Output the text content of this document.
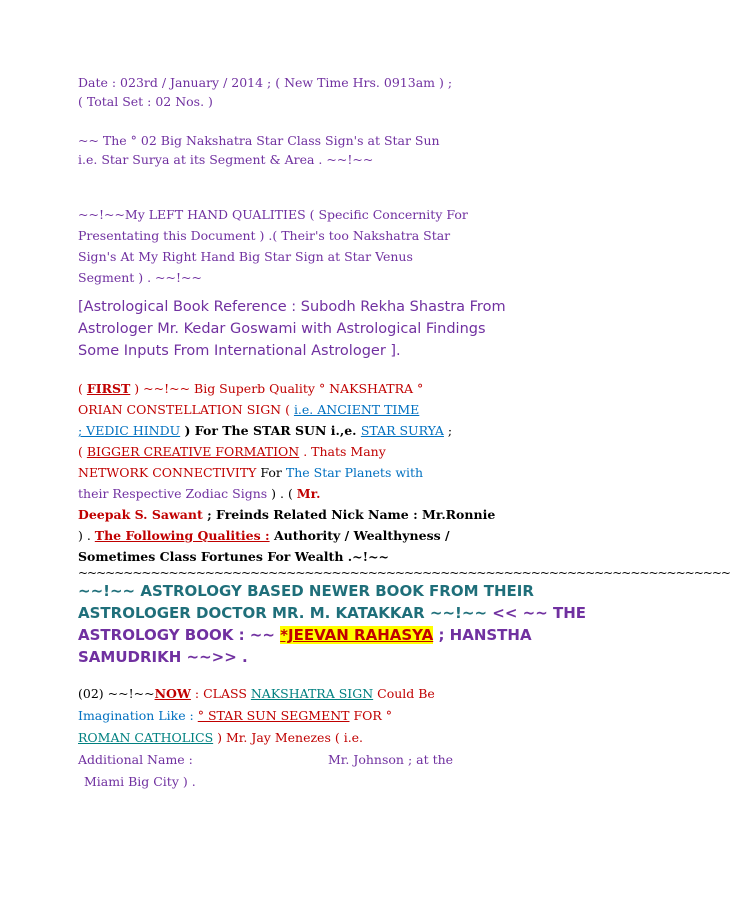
Date : 023rd / January / 2014 ; ( New Time Hrs. 0913am ) ;
( Total Set : 02 Nos. )
~~ The ° 02 Big Nakshatra Star Class Sign's at Star Sun
i.e. Star Surya at its Segment & Area . ~~!~~
~~!~~My LEFT HAND QUALITIES ( Specific Concernity For
Presentating this Document ) .( Their's too Nakshatra Star
Sign's At My Right Hand Big Star Sign at Star Venus
Segment ) . ~~!~~
[Astrological Book Reference : Subodh Rekha Shastra From
Astrologer Mr. Kedar Goswami with Astrological Findings
Some Inputs From International Astrologer ].
( FIRST ) ~~!~~ Big Superb Quality ° NAKSHATRA °
ORIAN CONSTELLATION SIGN ( i.e. ANCIENT TIME
; VEDIC HINDU ) For The STAR SUN i.,e. STAR SURYA ;
( BIGGER CREATIVE FORMATION . Thats Many
NETWORK CONNECTIVITY For The Star Planets with
their Respective Zodiac Signs ) . ( Mr.
Deepak S. Sawant ; Freinds Related Nick Name : Mr.Ronnie
) . The Following Qualities : Authority / Wealthyness /
Sometimes Class Fortunes For Wealth .~!~~
~~~~~~~~~~~~~~~~~~~~~~~~~~~~~~~~~~~~~~~~~~~~~~~~~~~~~~~~~~~~~~~~~~~~~~~~
~~!~~ ASTROLOGY BASED NEWER BOOK FROM THEIR
ASTROLOGER DOCTOR MR. M. KATAKKAR ~~!~~ << ~~ THE
ASTROLOGY BOOK : ~~ *JEEVAN RAHASYA ; HANSTHA
SAMUDRIKH ~~>> .
(02) ~~!~~NOW : CLASS NAKSHATRA SIGN Could Be
Imagination Like : ° STAR SUN SEGMENT FOR °
ROMAN CATHOLICS ) Mr. Jay Menezes ( i.e.
Additional Name :	Mr. Johnson ; at the
Miami Big City ) .
